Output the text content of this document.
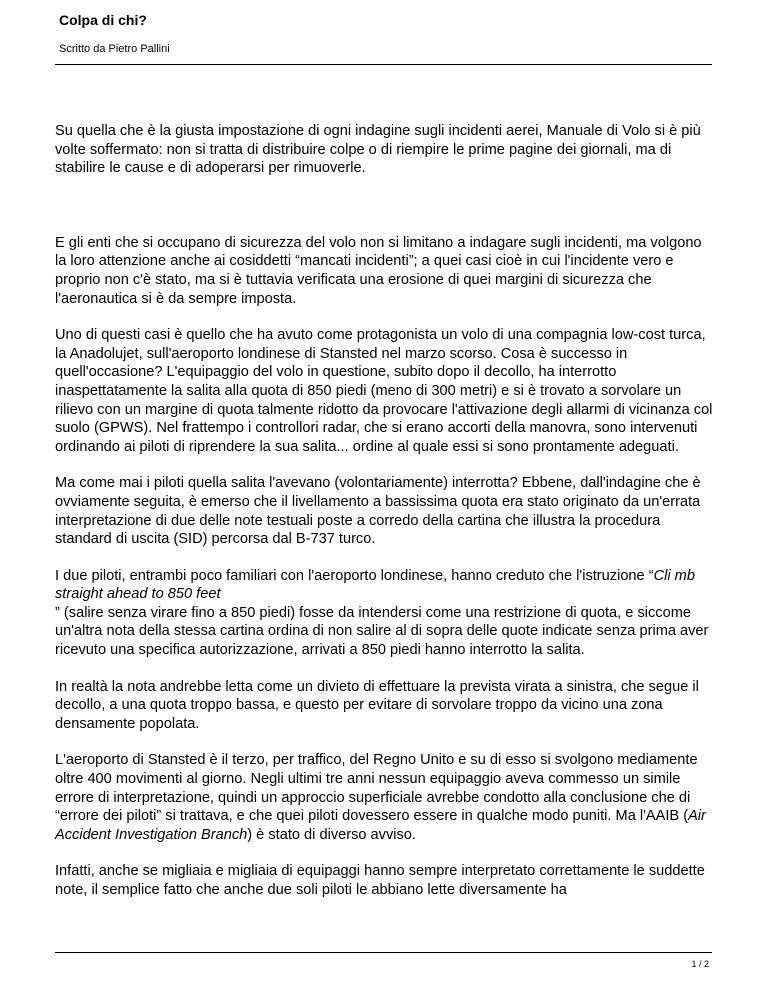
Colpa di chi?
Scritto da Pietro Pallini

Su quella che è la giusta impostazione di ogni indagine sugli incidenti aerei, Manuale di Volo si è più volte soffermato: non si tratta di distribuire colpe o di riempire le prime pagine dei giornali, ma di stabilire le cause e di adoperarsi per rimuoverle.

E gli enti che si occupano di sicurezza del volo non si limitano a indagare sugli incidenti, ma volgono la loro attenzione anche ai cosiddetti “mancati incidenti”; a quei casi cioè in cui l'incidente vero e proprio non c'è stato, ma si è tuttavia verificata una erosione di quei margini di sicurezza che l'aeronautica si è da sempre imposta.

Uno di questi casi è quello che ha avuto come protagonista un volo di una compagnia low-cost turca, la Anadolujet, sull'aeroporto londinese di Stansted nel marzo scorso. Cosa è successo in quell'occasione? L'equipaggio del volo in questione, subito dopo il decollo, ha interrotto inaspettatamente la salita alla quota di 850 piedi (meno di 300 metri) e si è trovato a sorvolare un rilievo con un margine di quota talmente ridotto da provocare l'attivazione degli allarmi di vicinanza col suolo (GPWS). Nel frattempo i controllori radar, che si erano accorti della manovra, sono intervenuti ordinando ai piloti di riprendere la sua salita... ordine al quale essi si sono prontamente adeguati.

Ma come mai i piloti quella salita l'avevano (volontariamente) interrotta? Ebbene, dall'indagine che è ovviamente seguita, è emerso che il livellamento a bassissima quota era stato originato da un'errata interpretazione di due delle note testuali poste a corredo della cartina che illustra la procedura standard di uscita (SID) percorsa dal B-737 turco.

I due piloti, entrambi poco familiari con l'aeroporto londinese, hanno creduto che l'istruzione “Cli mb straight ahead to 850 feet
” (salire senza virare fino a 850 piedi) fosse da intendersi come una restrizione di quota, e siccome un'altra nota della stessa cartina ordina di non salire al di sopra delle quote indicate senza prima aver ricevuto una specifica autorizzazione, arrivati a 850 piedi hanno interrotto la salita.

In realtà la nota andrebbe letta come un divieto di effettuare la prevista virata a sinistra, che segue il decollo, a una quota troppo bassa, e questo per evitare di sorvolare troppo da vicino una zona densamente popolata.

L'aeroporto di Stansted è il terzo, per traffico, del Regno Unito e su di esso si svolgono mediamente oltre 400 movimenti al giorno. Negli ultimi tre anni nessun equipaggio aveva commesso un simile errore di interpretazione, quindi un approccio superficiale avrebbe condotto alla conclusione che di “errore dei piloti” si trattava, e che quei piloti dovessero essere in qualche modo puniti. Ma l'AAIB (Air Accident Investigation Branch) è stato di diverso avviso.

Infatti, anche se migliaia e migliaia di equipaggi hanno sempre interpretato correttamente le suddette note, il semplice fatto che anche due soli piloti le abbiano lette diversamente ha

1 / 2
